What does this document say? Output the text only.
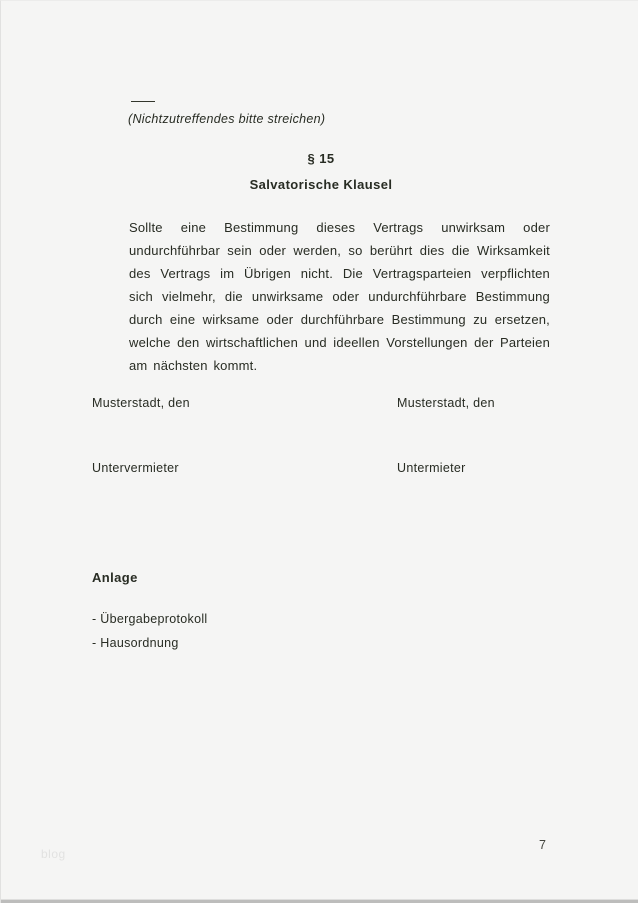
(Nichtzutreffendes bitte streichen)
§ 15
Salvatorische Klausel
Sollte eine Bestimmung dieses Vertrags unwirksam oder undurchführbar sein oder werden, so berührt dies die Wirksamkeit des Vertrags im Übrigen nicht. Die Vertragsparteien verpflichten sich vielmehr, die unwirksame oder undurchführbare Bestimmung durch eine wirksame oder durchführbare Bestimmung zu ersetzen, welche den wirtschaftlichen und ideellen Vorstellungen der Parteien am nächsten kommt.
Musterstadt, den	Musterstadt, den
Untervermieter	Untermieter
Anlage
- Übergabeprotokoll
- Hausordnung
blog
7
